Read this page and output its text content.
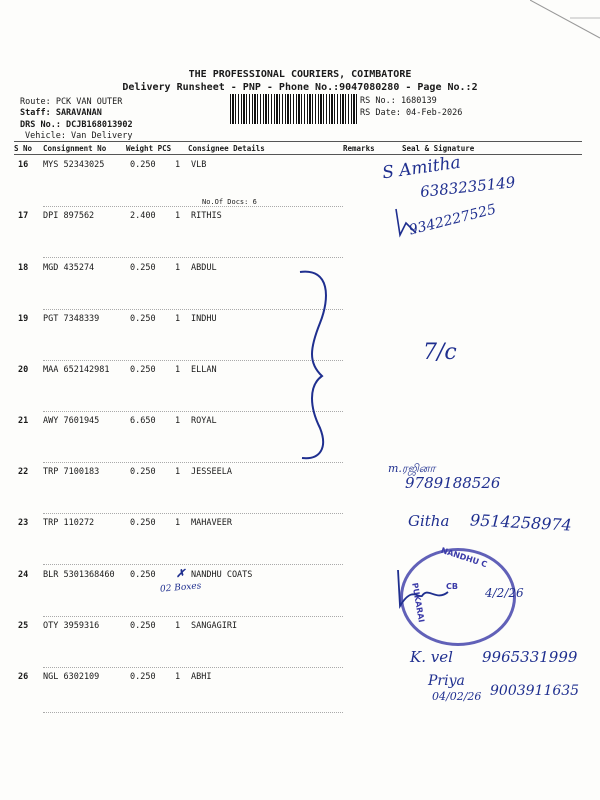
THE PROFESSIONAL COURIERS, COIMBATORE
Delivery Runsheet - PNP - Phone No.:9047080280 - Page No.:2
Route: PCK VAN OUTER
Staff: SARAVANAN
DRS No.: DCJB168013902
Vehicle: Van Delivery
RS No.: 1680139
RS Date: 04-Feb-2026
S No Consignment No	Weight PCS Consignee Details	Remarks	Seal & Signature
16 MYS 52343025	0.250 1 VLB
No.Of Docs: 6
17 DPI 897562	2.400 1 RITHIS
18 MGD 435274	0.250 1 ABDUL
19 PGT 7348339	0.250 1 INDHU
20 MAA 652142981 0.250 1 ELLAN
21 AWY 7601945	6.650 1 ROYAL
22 TRP 7100183	0.250 1 JESSEELA
23 TRP 110272	0.250 1 MAHAVEER
24 BLR 5301368460 0.250	NANDHU COATS
25 OTY 3959316	0.250 1 SANGAGIRI
26 NGL 6302109	0.250 1 ABHI
S Amitha
6383235149
9342227525
7/c
m.ரஜினா
9789188526
Githa 9514258974
02 Boxes
✗
NANDHU C
PUKARAI	CB 4/2/26
K. vel 9965331999
Priya
04/02/26 9003911635
